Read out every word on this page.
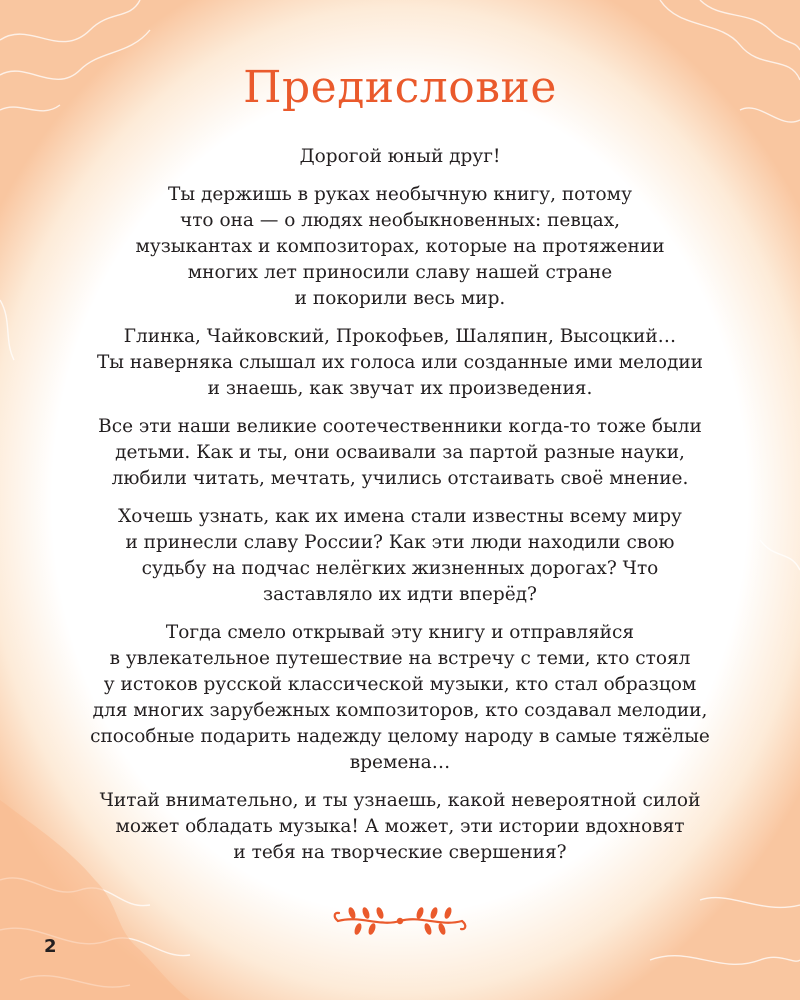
Предисловие
Дорогой юный друг!
Ты держишь в руках необычную книгу, потому
что она — о людях необыкновенных: певцах,
музыкантах и композиторах, которые на протяжении
многих лет приносили славу нашей стране
и покорили весь мир.
Глинка, Чайковский, Прокофьев, Шаляпин, Высоцкий…
Ты наверняка слышал их голоса или созданные ими мелодии
и знаешь, как звучат их произведения.
Все эти наши великие соотечественники когда-то тоже были
детьми. Как и ты, они осваивали за партой разные науки,
любили читать, мечтать, учились отстаивать своё мнение.
Хочешь узнать, как их имена стали известны всему миру
и принесли славу России? Как эти люди находили свою
судьбу на подчас нелёгких жизненных дорогах? Что
заставляло их идти вперёд?
Тогда смело открывай эту книгу и отправляйся
в увлекательное путешествие на встречу с теми, кто стоял
у истоков русской классической музыки, кто стал образцом
для многих зарубежных композиторов, кто создавал мелодии,
способные подарить надежду целому народу в самые тяжёлые
времена…
Читай внимательно, и ты узнаешь, какой невероятной силой
может обладать музыка! А может, эти истории вдохновят
и тебя на творческие свершения?
2
